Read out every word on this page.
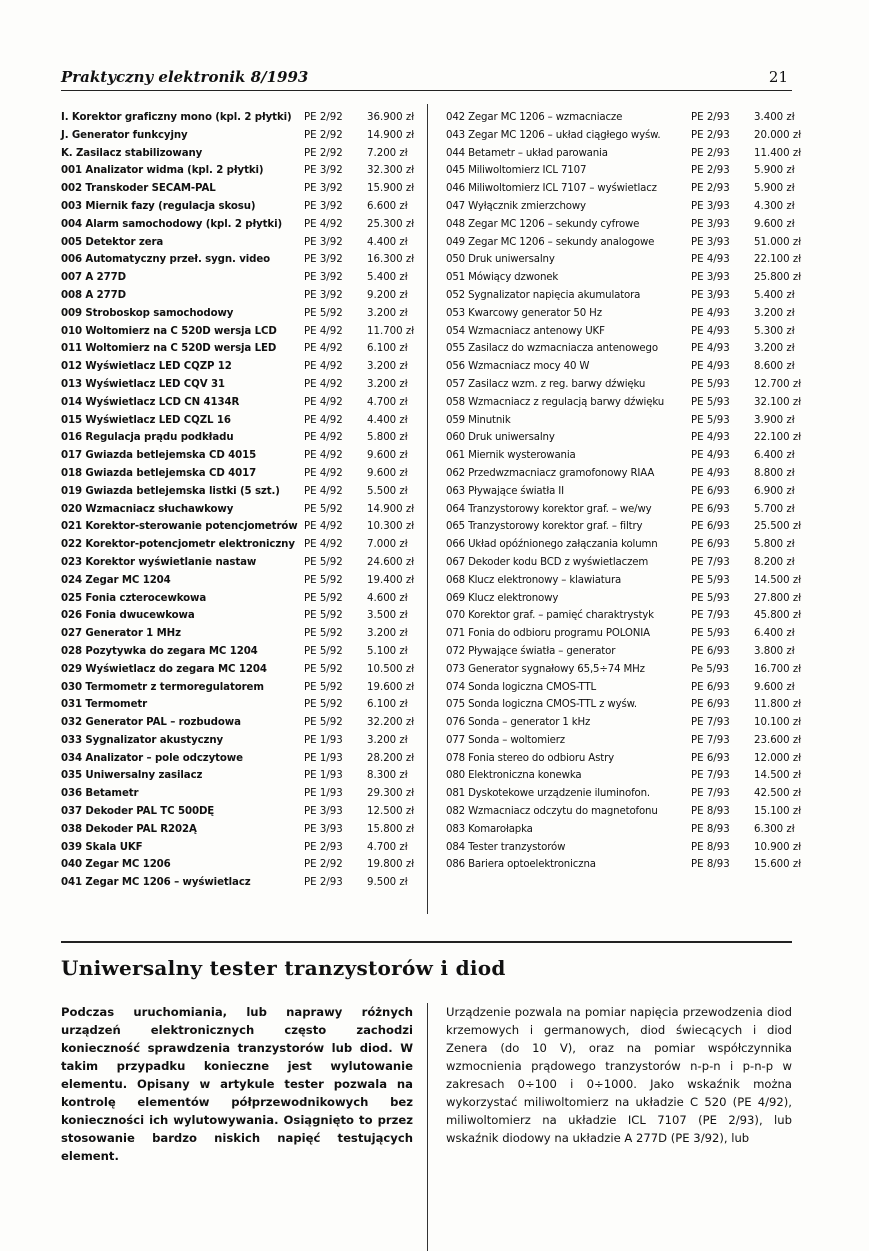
Praktyczny elektronik 8/1993	21
I. Korektor graficzny mono (kpl. 2 płytki) PE 2/92 36.900 zł
J. Generator funkcyjny	PE 2/92 14.900 zł
K. Zasilacz stabilizowany	PE 2/92 7.200 zł
001 Analizator widma (kpl. 2 płytki)	PE 3/92 32.300 zł
002 Transkoder SECAM-PAL	PE 3/92 15.900 zł
003 Miernik fazy (regulacja skosu)	PE 3/92 6.600 zł
004 Alarm samochodowy (kpl. 2 płytki) PE 4/92 25.300 zł
005 Detektor zera	PE 3/92 4.400 zł
006 Automatyczny przeł. sygn. video	PE 3/92 16.300 zł
007 A 277D	PE 3/92 5.400 zł
008 A 277D	PE 3/92 9.200 zł
009 Stroboskop samochodowy	PE 5/92 3.200 zł
010 Woltomierz na C 520D wersja LCD	PE 4/92 11.700 zł
011 Woltomierz na C 520D wersja LED	PE 4/92 6.100 zł
012 Wyświetlacz LED CQZP 12	PE 4/92 3.200 zł
013 Wyświetlacz LED CQV 31	PE 4/92 3.200 zł
014 Wyświetlacz LCD CN 4134R	PE 4/92 4.700 zł
015 Wyświetlacz LED CQZL 16	PE 4/92 4.400 zł
016 Regulacja prądu podkładu	PE 4/92 5.800 zł
017 Gwiazda betlejemska CD 4015	PE 4/92 9.600 zł
018 Gwiazda betlejemska CD 4017	PE 4/92 9.600 zł
019 Gwiazda betlejemska listki (5 szt.) PE 4/92 5.500 zł
020 Wzmacniacz słuchawkowy	PE 5/92 14.900 zł
021 Korektor-sterowanie potencjometrów PE 4/92 10.300 zł
022 Korektor-potencjometr elektroniczny PE 4/92 7.000 zł
023 Korektor wyświetlanie nastaw	PE 5/92 24.600 zł
024 Zegar MC 1204	PE 5/92 19.400 zł
025 Fonia czterocewkowa	PE 5/92 4.600 zł
026 Fonia dwucewkowa	PE 5/92 3.500 zł
027 Generator 1 MHz	PE 5/92 3.200 zł
028 Pozytywka do zegara MC 1204	PE 5/92 5.100 zł
029 Wyświetlacz do zegara MC 1204	PE 5/92 10.500 zł
030 Termometr z termoregulatorem	PE 5/92 19.600 zł
031 Termometr	PE 5/92 6.100 zł
032 Generator PAL – rozbudowa	PE 5/92 32.200 zł
033 Sygnalizator akustyczny	PE 1/93 3.200 zł
034 Analizator – pole odczytowe	PE 1/93 28.200 zł
035 Uniwersalny zasilacz	PE 1/93 8.300 zł
036 Betametr	PE 1/93 29.300 zł
037 Dekoder PAL TC 500DĘ	PE 3/93 12.500 zł
038 Dekoder PAL R202Ą	PE 3/93 15.800 zł
039 Skala UKF	PE 2/93 4.700 zł
040 Zegar MC 1206	PE 2/92 19.800 zł
041 Zegar MC 1206 – wyświetlacz	PE 2/93 9.500 zł
042 Zegar MC 1206 – wzmacniacze	PE 2/93 3.400 zł
043 Zegar MC 1206 – układ ciągłego wyśw.	PE 2/93 20.000 zł
044 Betametr – układ parowania	PE 2/93 11.400 zł
045 Miliwoltomierz ICL 7107	PE 2/93 5.900 zł
046 Miliwoltomierz ICL 7107 – wyświetlacz	PE 2/93 5.900 zł
047 Wyłącznik zmierzchowy	PE 3/93 4.300 zł
048 Zegar MC 1206 – sekundy cyfrowe	PE 3/93 9.600 zł
049 Zegar MC 1206 – sekundy analogowe	PE 3/93 51.000 zł
050 Druk uniwersalny	PE 4/93 22.100 zł
051 Mówiący dzwonek	PE 3/93 25.800 zł
052 Sygnalizator napięcia akumulatora	PE 3/93 5.400 zł
053 Kwarcowy generator 50 Hz	PE 4/93 3.200 zł
054 Wzmacniacz antenowy UKF	PE 4/93 5.300 zł
055 Zasilacz do wzmacniacza antenowego	PE 4/93 3.200 zł
056 Wzmacniacz mocy 40 W	PE 4/93 8.600 zł
057 Zasilacz wzm. z reg. barwy dźwięku	PE 5/93 12.700 zł
058 Wzmacniacz z regulacją barwy dźwięku	PE 5/93 32.100 zł
059 Minutnik	PE 5/93 3.900 zł
060 Druk uniwersalny	PE 4/93 22.100 zł
061 Miernik wysterowania	PE 4/93 6.400 zł
062 Przedwzmacniacz gramofonowy RIAA	PE 4/93 8.800 zł
063 Pływające światła II	PE 6/93 6.900 zł
064 Tranzystorowy korektor graf. – we/wy	PE 6/93 5.700 zł
065 Tranzystorowy korektor graf. – filtry	PE 6/93 25.500 zł
066 Układ opóźnionego załączania kolumn	PE 6/93 5.800 zł
067 Dekoder kodu BCD z wyświetlaczem	PE 7/93 8.200 zł
068 Klucz elektronowy – klawiatura	PE 5/93 14.500 zł
069 Klucz elektronowy	PE 5/93 27.800 zł
070 Korektor graf. – pamięć charaktrystyk	PE 7/93 45.800 zł
071 Fonia do odbioru programu POLONIA	PE 5/93 6.400 zł
072 Pływające światła – generator	PE 6/93 3.800 zł
073 Generator sygnałowy 65,5÷74 MHz	Pe 5/93 16.700 zł
074 Sonda logiczna CMOS-TTL	PE 6/93 9.600 zł
075 Sonda logiczna CMOS-TTL z wyśw.	PE 6/93 11.800 zł
076 Sonda – generator 1 kHz	PE 7/93 10.100 zł
077 Sonda – woltomierz	PE 7/93 23.600 zł
078 Fonia stereo do odbioru Astry	PE 6/93 12.000 zł
080 Elektroniczna konewka	PE 7/93 14.500 zł
081 Dyskotekowe urządzenie iluminofon.	PE 7/93 42.500 zł
082 Wzmacniacz odczytu do magnetofonu	PE 8/93 15.100 zł
083 Komarołapka	PE 8/93 6.300 zł
084 Tester tranzystorów	PE 8/93 10.900 zł
086 Bariera optoelektroniczna	PE 8/93 15.600 zł
Uniwersalny tester tranzystorów i diod
Podczas uruchomiania, lub naprawy różnych urządzeń elektronicznych często zachodzi konieczność sprawdzenia tranzystorów lub diod. W takim przypadku konieczne jest wylutowanie elementu. Opisany w artykule tester pozwala na kontrolę elementów półprzewodnikowych bez konieczności ich wylutowywania. Osiągnięto to przez stosowanie bardzo niskich napięć testujących element.
Urządzenie pozwala na pomiar napięcia przewodzenia diod krzemowych i germanowych, diod świecących i diod Zenera (do 10 V), oraz na pomiar współczynnika wzmocnienia prądowego tranzystorów n-p-n i p-n-p w zakresach 0÷100 i 0÷1000. Jako wskaźnik można wykorzystać miliwoltomierz na układzie C 520 (PE 4/92), miliwoltomierz na układzie ICL 7107 (PE 2/93), lub wskaźnik diodowy na układzie A 277D (PE 3/92), lub
